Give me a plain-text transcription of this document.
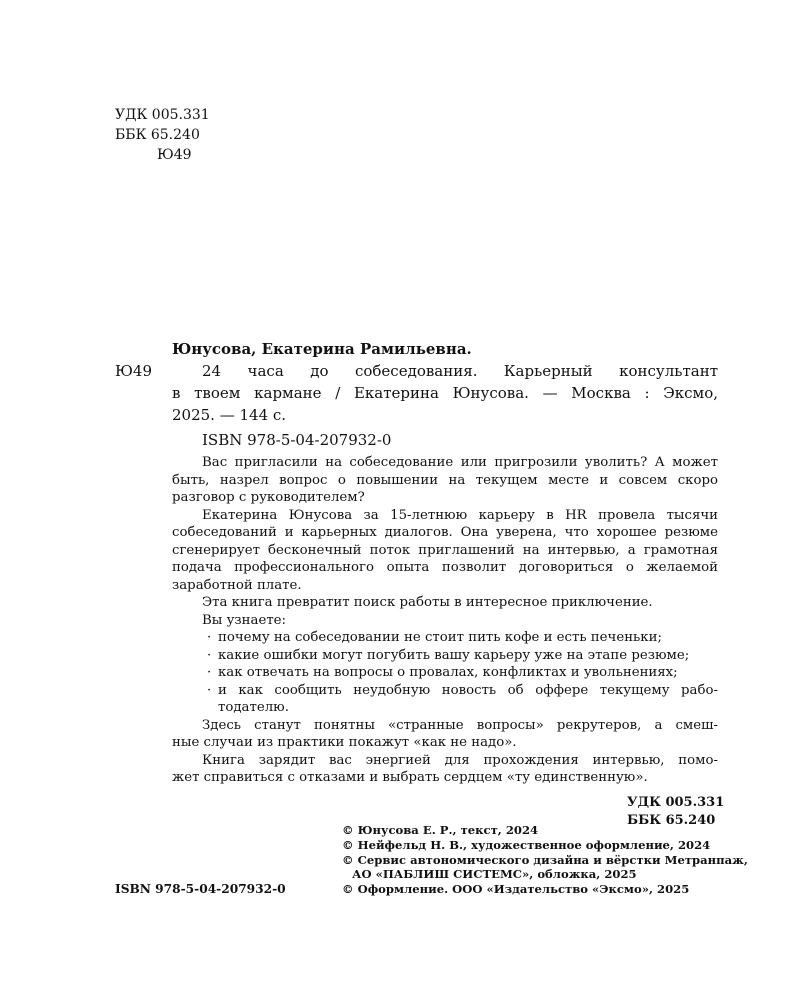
УДК 005.331
ББК 65.240
Ю49
Юнусова, Екатерина Рамильевна.
Ю49	24 часа до собеседования. Карьерный консультант
в твоем кармане / Екатерина Юнусова. — Москва : Эксмо,
2025. — 144 с.
ISBN 978-5-04-207932-0
Вас пригласили на собеседование или пригрозили уволить? А может
быть, назрел вопрос о повышении на текущем месте и совсем скоро
разговор с руководителем?
Екатерина Юнусова за 15-летнюю карьеру в HR провела тысячи
собеседований и карьерных диалогов. Она уверена, что хорошее резюме
сгенерирует бесконечный поток приглашений на интервью, а грамотная
подача профессионального опыта позволит договориться о желаемой
заработной плате.
Эта книга превратит поиск работы в интересное приключение.
Вы узнаете:
· почему на собеседовании не стоит пить кофе и есть печеньки;
· какие ошибки могут погубить вашу карьеру уже на этапе резюме;
· как отвечать на вопросы о провалах, конфликтах и увольнениях;
· и как сообщить неудобную новость об оффере текущему рабо-
тодателю.
Здесь станут понятны «странные вопросы» рекрутеров, а смеш-
ные случаи из практики покажут «как не надо».
Книга зарядит вас энергией для прохождения интервью, помо-
жет справиться с отказами и выбрать сердцем «ту единственную».
УДК 005.331
ББК 65.240
© Юнусова Е. Р., текст, 2024
© Нейфельд Н. В., художественное оформление, 2024
© Сервис автономического дизайна и вёрстки Метранпаж,
АО «ПАБЛИШ СИСТЕМС», обложка, 2025
© Оформление. ООО «Издательство «Эксмо», 2025
ISBN 978-5-04-207932-0
